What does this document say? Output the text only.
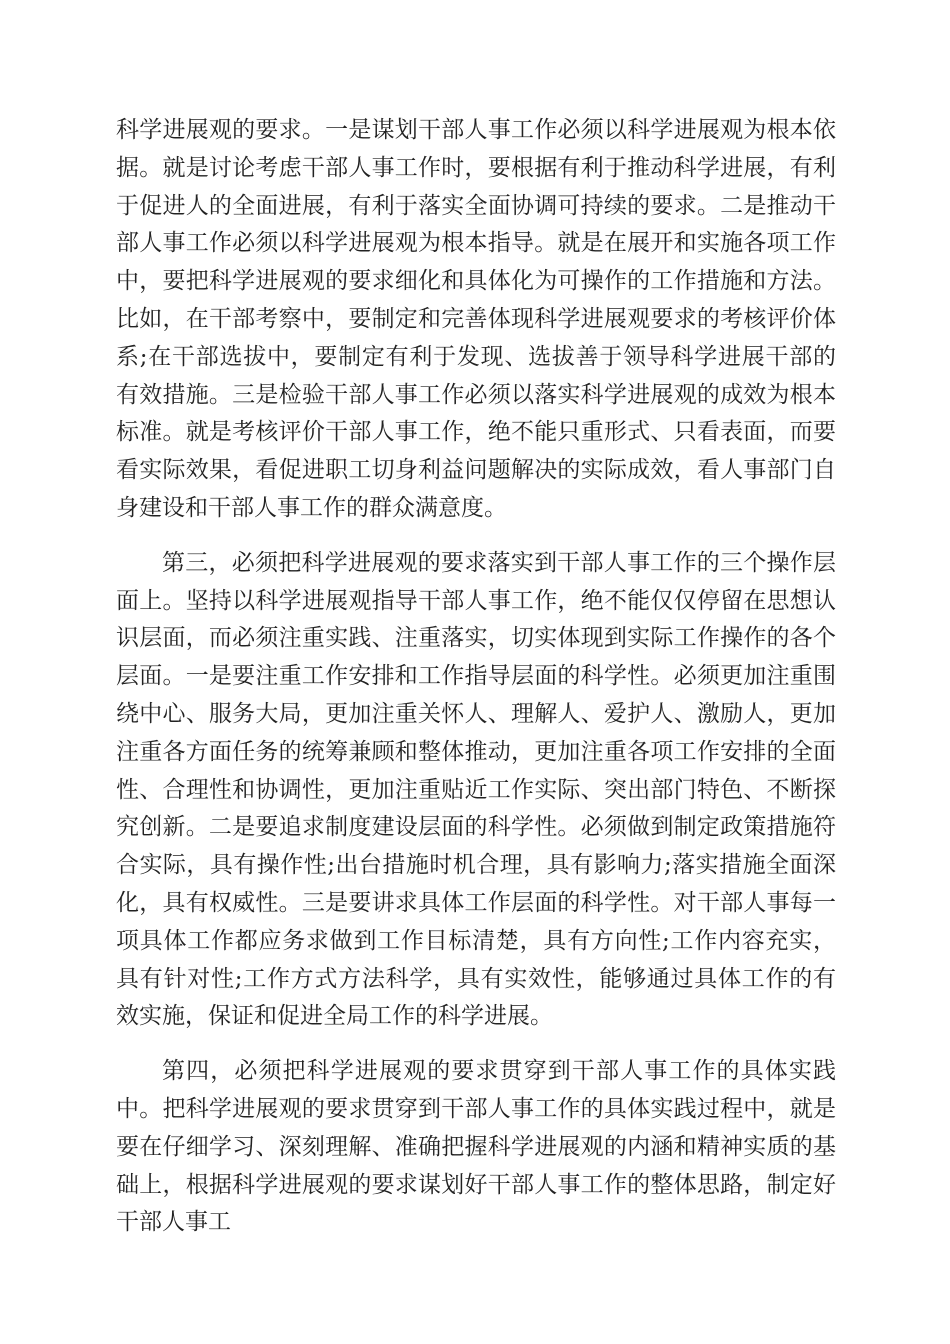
科学进展观的要求。一是谋划干部人事工作必须以科学进展观为根本依据。就是讨论考虑干部人事工作时，要根据有利于推动科学进展，有利于促进人的全面进展，有利于落实全面协调可持续的要求。二是推动干部人事工作必须以科学进展观为根本指导。就是在展开和实施各项工作中，要把科学进展观的要求细化和具体化为可操作的工作措施和方法。比如，在干部考察中，要制定和完善体现科学进展观要求的考核评价体系;在干部选拔中，要制定有利于发现、选拔善于领导科学进展干部的有效措施。三是检验干部人事工作必须以落实科学进展观的成效为根本标准。就是考核评价干部人事工作，绝不能只重形式、只看表面，而要看实际效果，看促进职工切身利益问题解决的实际成效，看人事部门自身建设和干部人事工作的群众满意度。

第三，必须把科学进展观的要求落实到干部人事工作的三个操作层面上。坚持以科学进展观指导干部人事工作，绝不能仅仅停留在思想认识层面，而必须注重实践、注重落实，切实体现到实际工作操作的各个层面。一是要注重工作安排和工作指导层面的科学性。必须更加注重围绕中心、服务大局，更加注重关怀人、理解人、爱护人、激励人，更加注重各方面任务的统筹兼顾和整体推动，更加注重各项工作安排的全面性、合理性和协调性，更加注重贴近工作实际、突出部门特色、不断探究创新。二是要追求制度建设层面的科学性。必须做到制定政策措施符合实际，具有操作性;出台措施时机合理，具有影响力;落实措施全面深化，具有权威性。三是要讲求具体工作层面的科学性。对干部人事每一项具体工作都应务求做到工作目标清楚，具有方向性;工作内容充实，具有针对性;工作方式方法科学，具有实效性，能够通过具体工作的有效实施，保证和促进全局工作的科学进展。

第四，必须把科学进展观的要求贯穿到干部人事工作的具体实践中。把科学进展观的要求贯穿到干部人事工作的具体实践过程中，就是要在仔细学习、深刻理解、准确把握科学进展观的内涵和精神实质的基础上，根据科学进展观的要求谋划好干部人事工作的整体思路，制定好干部人事工
